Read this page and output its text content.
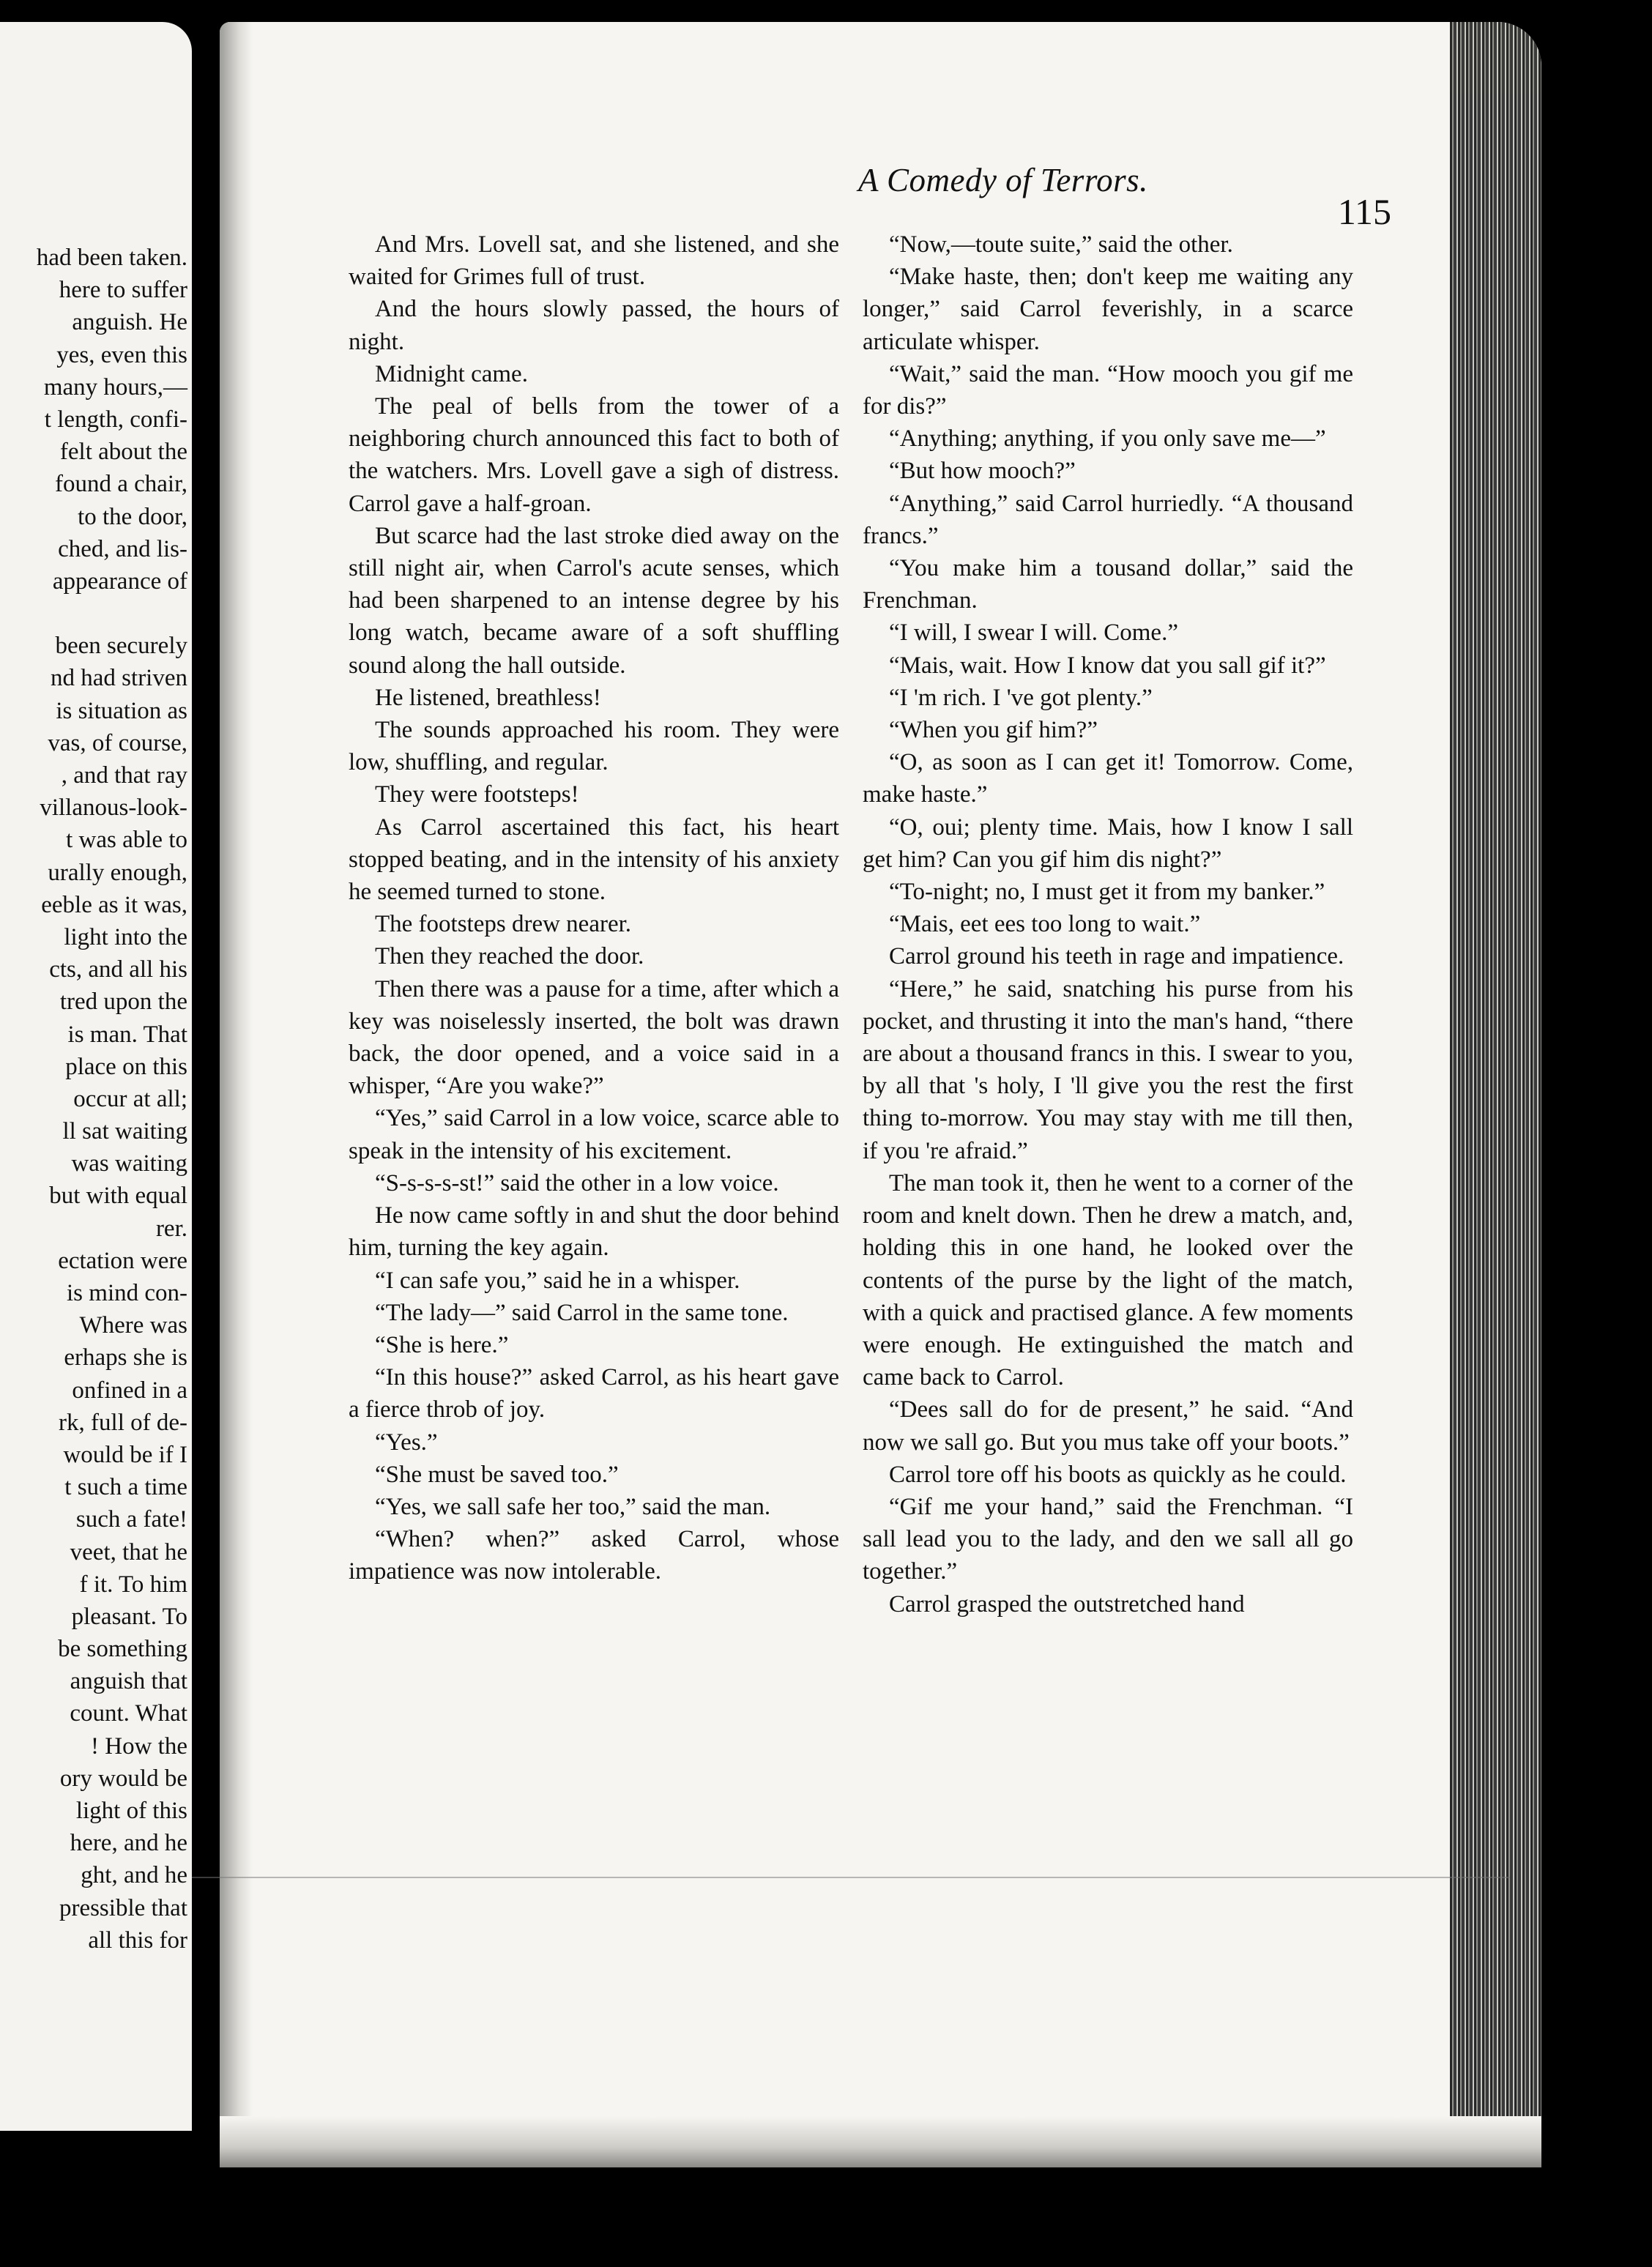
had been taken.
here to suffer
anguish. He
yes, even this
many hours,—
t length, confi-
felt about the
found a chair,
to the door,
ched, and lis-
appearance of
been securely
nd had striven
is situation as
vas, of course,
, and that ray
villanous-look-
t was able to
urally enough,
eeble as it was,
light into the
cts, and all his
tred upon the
is man. That
place on this
occur at all;
ll sat waiting
was waiting
but with equal
rer.
ectation were
is mind con-
Where was
erhaps she is
onfined in a
rk, full of de-
would be if I
t such a time
such a fate!
veet, that he
f it. To him
pleasant. To
be something
anguish that
count. What
! How the
ory would be
light of this
here, and he
ght, and he
pressible that
all this for
A Comedy of Terrors.
115

And Mrs. Lovell sat, and she listened, and she waited for Grimes full of trust.

And the hours slowly passed, the hours of night.

Midnight came.

The peal of bells from the tower of a neighboring church announced this fact to both of the watchers. Mrs. Lovell gave a sigh of distress. Carrol gave a half-groan.

But scarce had the last stroke died away on the still night air, when Carrol's acute senses, which had been sharpened to an intense degree by his long watch, became aware of a soft shuffling sound along the hall outside.

He listened, breathless!

The sounds approached his room. They were low, shuffling, and regular.

They were footsteps!

As Carrol ascertained this fact, his heart stopped beating, and in the intensity of his anxiety he seemed turned to stone.

The footsteps drew nearer.

Then they reached the door.

Then there was a pause for a time, after which a key was noiselessly inserted, the bolt was drawn back, the door opened, and a voice said in a whisper, “Are you wake?”

“Yes,” said Carrol in a low voice, scarce able to speak in the intensity of his excitement.

“S-s-s-s-st!” said the other in a low voice.

He now came softly in and shut the door behind him, turning the key again.

“I can safe you,” said he in a whisper.

“The lady—” said Carrol in the same tone.

“She is here.”

“In this house?” asked Carrol, as his heart gave a fierce throb of joy.

“Yes.”

“She must be saved too.”

“Yes, we sall safe her too,” said the man.

“When? when?” asked Carrol, whose impatience was now intolerable.

“Now,—toute suite,” said the other.

“Make haste, then; don't keep me waiting any longer,” said Carrol feverishly, in a scarce articulate whisper.

“Wait,” said the man. “How mooch you gif me for dis?”

“Anything; anything, if you only save me—”

“But how mooch?”

“Anything,” said Carrol hurriedly. “A thousand francs.”

“You make him a tousand dollar,” said the Frenchman.

“I will, I swear I will. Come.”

“Mais, wait. How I know dat you sall gif it?”

“I 'm rich. I 've got plenty.”

“When you gif him?”

“O, as soon as I can get it! Tomorrow. Come, make haste.”

“O, oui; plenty time. Mais, how I know I sall get him? Can you gif him dis night?”

“To-night; no, I must get it from my banker.”

“Mais, eet ees too long to wait.”

Carrol ground his teeth in rage and impatience.

“Here,” he said, snatching his purse from his pocket, and thrusting it into the man's hand, “there are about a thousand francs in this. I swear to you, by all that 's holy, I 'll give you the rest the first thing to-morrow. You may stay with me till then, if you 're afraid.”

The man took it, then he went to a corner of the room and knelt down. Then he drew a match, and, holding this in one hand, he looked over the contents of the purse by the light of the match, with a quick and practised glance. A few moments were enough. He extinguished the match and came back to Carrol.

“Dees sall do for de present,” he said. “And now we sall go. But you mus take off your boots.”

Carrol tore off his boots as quickly as he could.

“Gif me your hand,” said the Frenchman. “I sall lead you to the lady, and den we sall all go together.”

Carrol grasped the outstretched hand
